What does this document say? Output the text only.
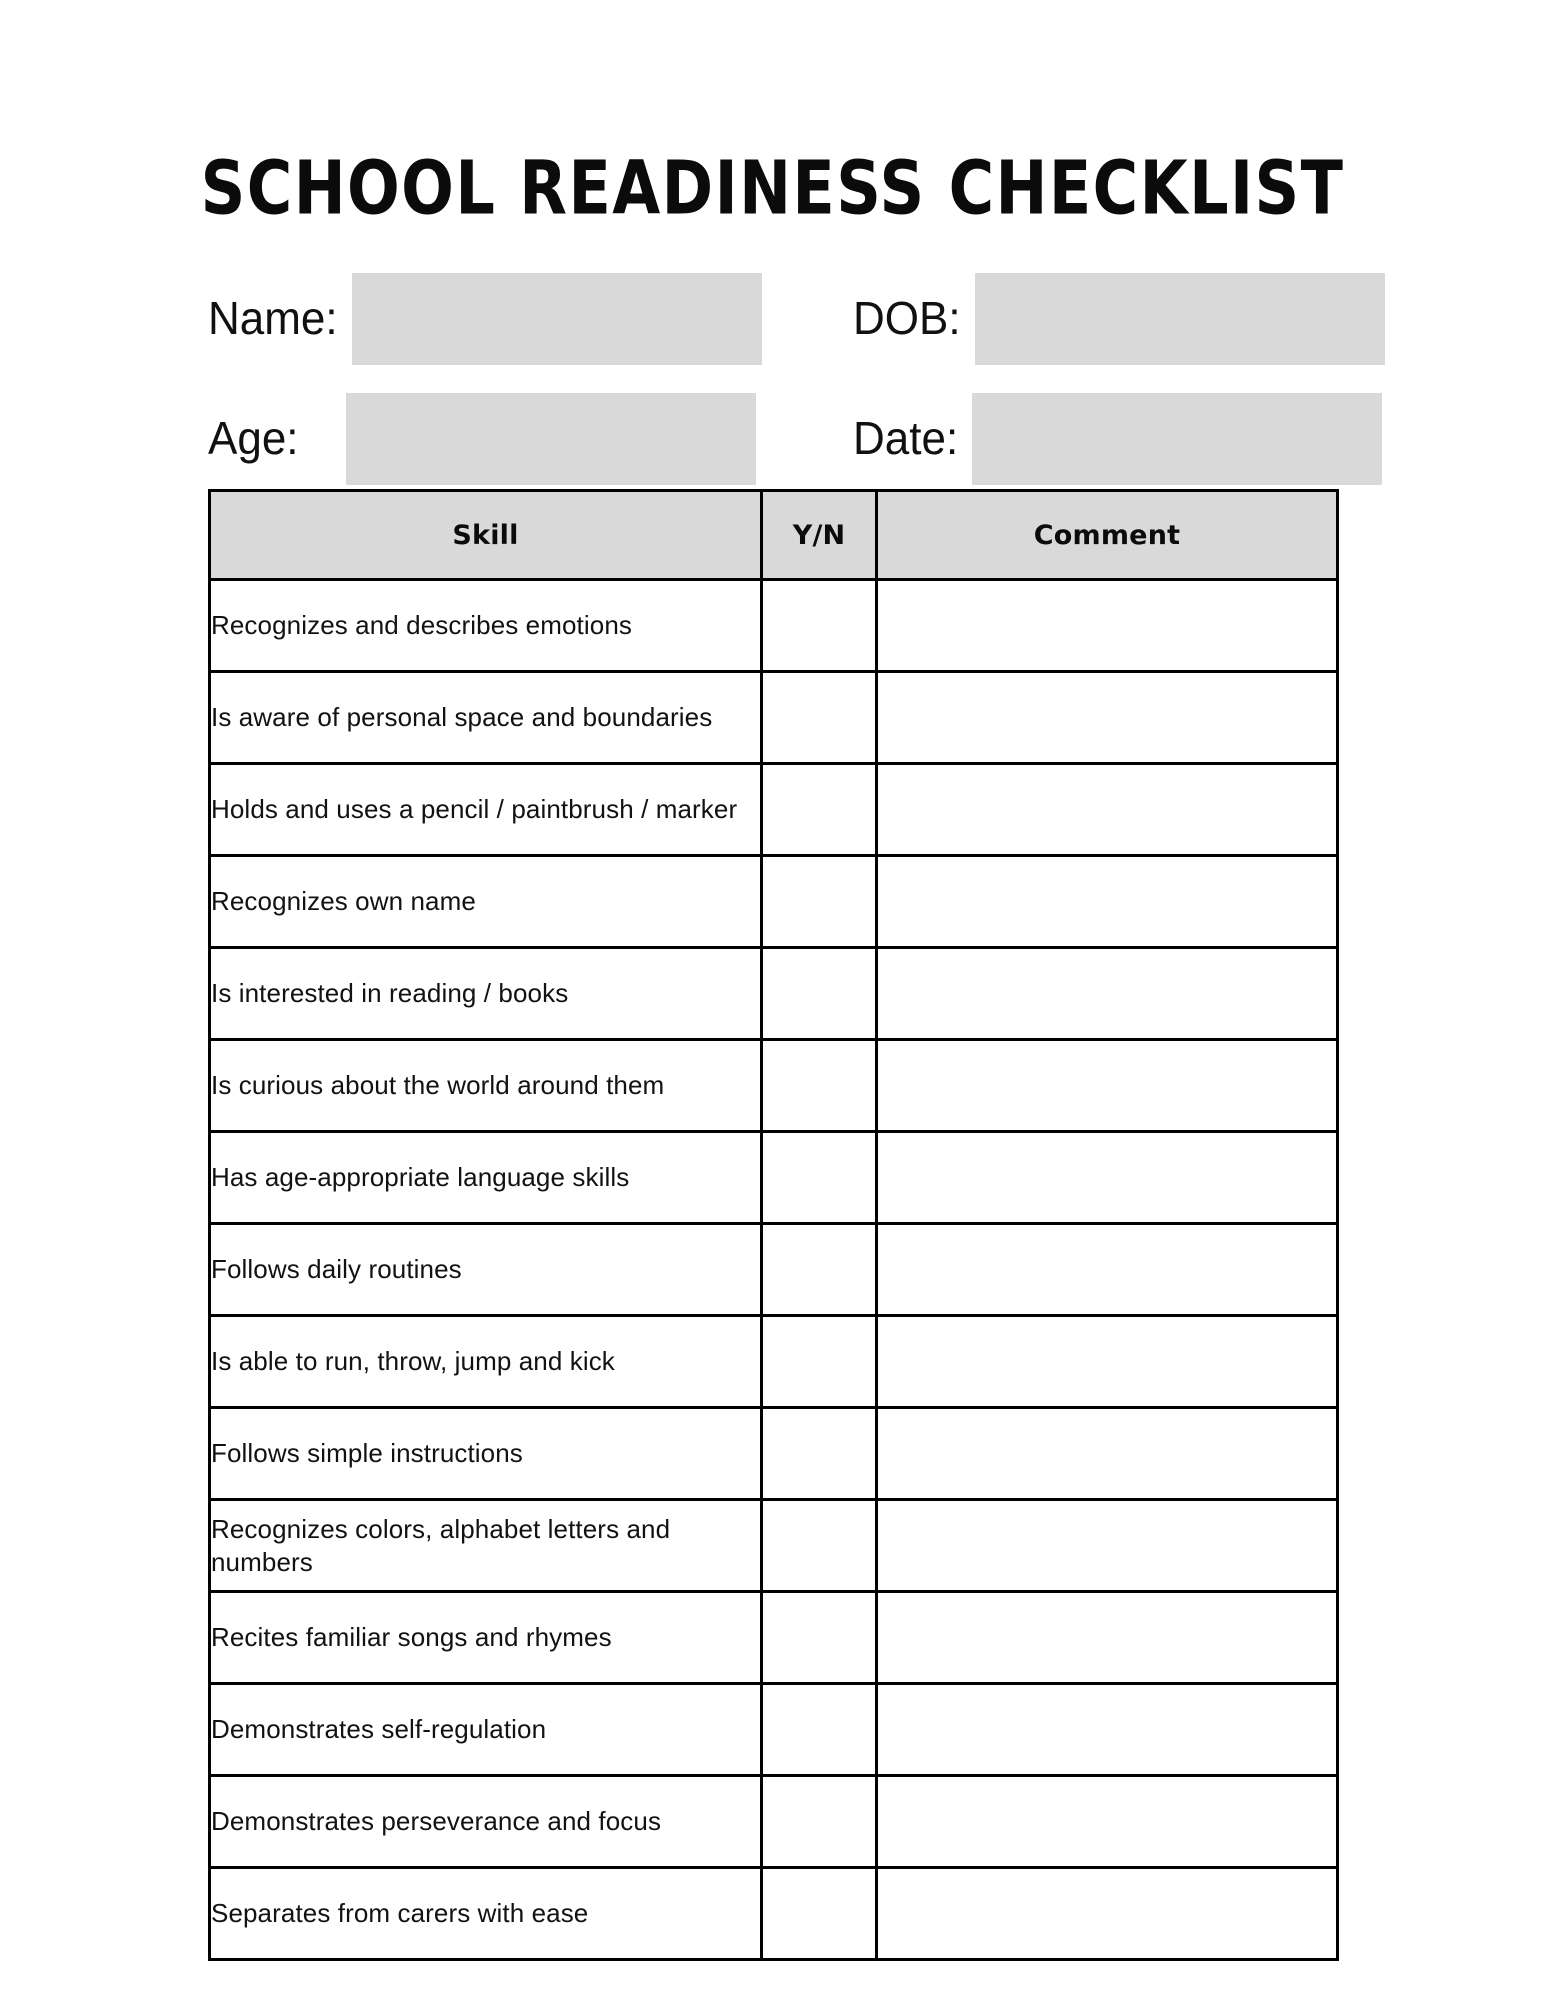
SCHOOL READINESS CHECKLIST
Name:	DOB:
Age:	Date:
Skill	Y/N	Comment
Recognizes and describes emotions		
Is aware of personal space and boundaries		
Holds and uses a pencil / paintbrush / marker		
Recognizes own name		
Is interested in reading / books		
Is curious about the world around them		
Has age-appropriate language skills		
Follows daily routines		
Is able to run, throw, jump and kick		
Follows simple instructions		
Recognizes colors, alphabet letters and numbers		
Recites familiar songs and rhymes		
Demonstrates self-regulation		
Demonstrates perseverance and focus		
Separates from carers with ease		
